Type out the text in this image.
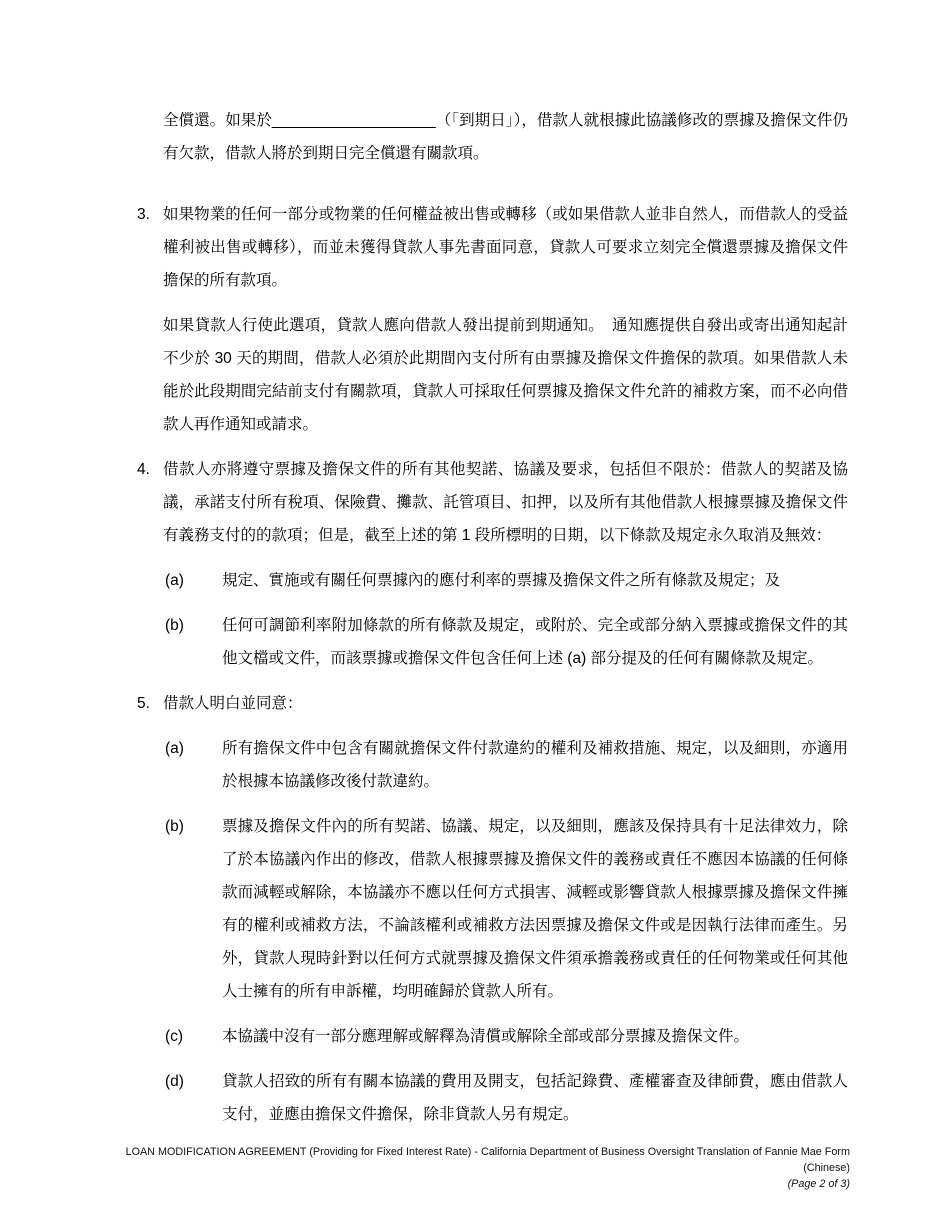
全償還。如果於___________________（「到期日」），借款人就根據此協議修改的票據及擔保文件仍有欠款，借款人將於到期日完全償還有關款項。
3. 如果物業的任何一部分或物業的任何權益被出售或轉移（或如果借款人並非自然人，而借款人的受益權利被出售或轉移），而並未獲得貸款人事先書面同意，貸款人可要求立刻完全償還票據及擔保文件擔保的所有款項。
如果貸款人行使此選項，貸款人應向借款人發出提前到期通知。　通知應提供自發出或寄出通知起計不少於 30 天的期間，借款人必須於此期間內支付所有由票據及擔保文件擔保的款項。如果借款人未能於此段期間完結前支付有關款項，貸款人可採取任何票據及擔保文件允許的補救方案，而不必向借款人再作通知或請求。
4. 借款人亦將遵守票據及擔保文件的所有其他契諾、協議及要求，包括但不限於：借款人的契諾及協議，承諾支付所有稅項、保險費、攤款、託管項目、扣押，以及所有其他借款人根據票據及擔保文件有義務支付的的款項；但是，截至上述的第 1 段所標明的日期，以下條款及規定永久取消及無效：
(a)	規定、實施或有關任何票據內的應付利率的票據及擔保文件之所有條款及規定；及
(b)	任何可調節利率附加條款的所有條款及規定，或附於、完全或部分納入票據或擔保文件的其他文檔或文件，而該票據或擔保文件包含任何上述 (a) 部分提及的任何有關條款及規定。
5. 借款人明白並同意：
(a)	所有擔保文件中包含有關就擔保文件付款違約的權利及補救措施、規定，以及細則，亦適用於根據本協議修改後付款違約。
(b)	票據及擔保文件內的所有契諾、協議、規定，以及細則，應該及保持具有十足法律效力，除了於本協議內作出的修改，借款人根據票據及擔保文件的義務或責任不應因本協議的任何條款而減輕或解除，本協議亦不應以任何方式損害、減輕或影響貸款人根據票據及擔保文件擁有的權利或補救方法，不論該權利或補救方法因票據及擔保文件或是因執行法律而產生。另外，貸款人現時針對以任何方式就票據及擔保文件須承擔義務或責任的任何物業或任何其他人士擁有的所有申訴權，均明確歸於貸款人所有。
(c)	本協議中沒有一部分應理解或解釋為清償或解除全部或部分票據及擔保文件。
(d)	貸款人招致的所有有關本協議的費用及開支，包括記錄費、產權審查及律師費，應由借款人支付，並應由擔保文件擔保，除非貸款人另有規定。
LOAN MODIFICATION AGREEMENT (Providing for Fixed Interest Rate) - California Department of Business Oversight Translation of Fannie Mae Form (Chinese)
(Page 2 of 3)
